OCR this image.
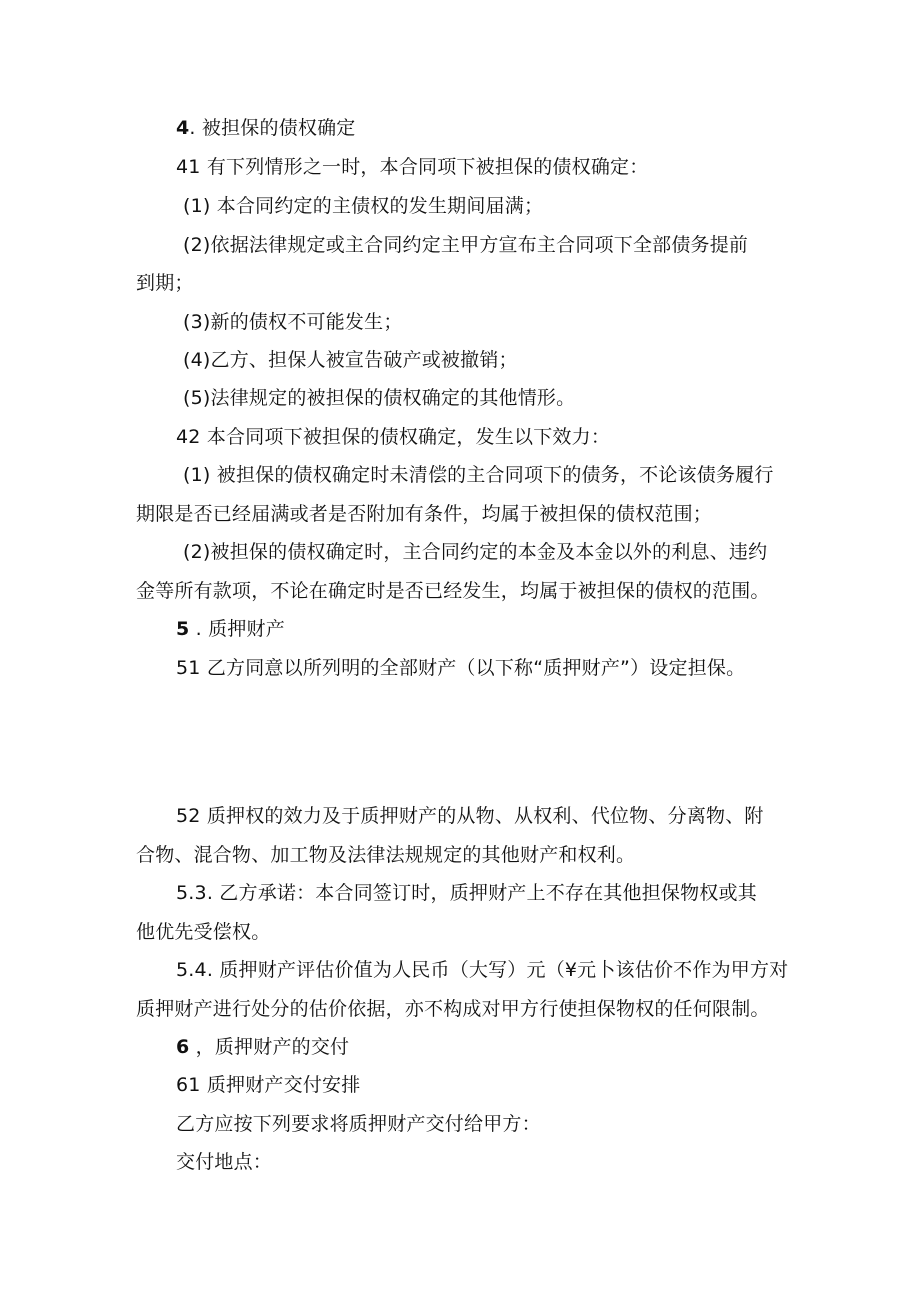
4. 被担保的债权确定
41 有下列情形之一时，本合同项下被担保的债权确定：
(1) 本合同约定的主债权的发生期间届满；
(2)依据法律规定或主合同约定主甲方宣布主合同项下全部债务提前
到期；
(3)新的债权不可能发生；
(4)乙方、担保人被宣告破产或被撤销；
(5)法律规定的被担保的债权确定的其他情形。
42 本合同项下被担保的债权确定，发生以下效力：
(1) 被担保的债权确定时未清偿的主合同项下的债务，不论该债务履行
期限是否已经届满或者是否附加有条件，均属于被担保的债权范围；
(2)被担保的债权确定时，主合同约定的本金及本金以外的利息、违约
金等所有款项，不论在确定时是否已经发生，均属于被担保的债权的范围。
5 . 质押财产
51 乙方同意以所列明的全部财产（以下称“质押财产”）设定担保。
52 质押权的效力及于质押财产的从物、从权利、代位物、分离物、附
合物、混合物、加工物及法律法规规定的其他财产和权利。
5.3. 乙方承诺：本合同签订时，质押财产上不存在其他担保物权或其
他优先受偿权。
5.4. 质押财产评估价值为人民币（大写）元（¥元卜该估价不作为甲方对
质押财产进行处分的估价依据，亦不构成对甲方行使担保物权的任何限制。
6 ，质押财产的交付
61 质押财产交付安排
乙方应按下列要求将质押财产交付给甲方：
交付地点：
